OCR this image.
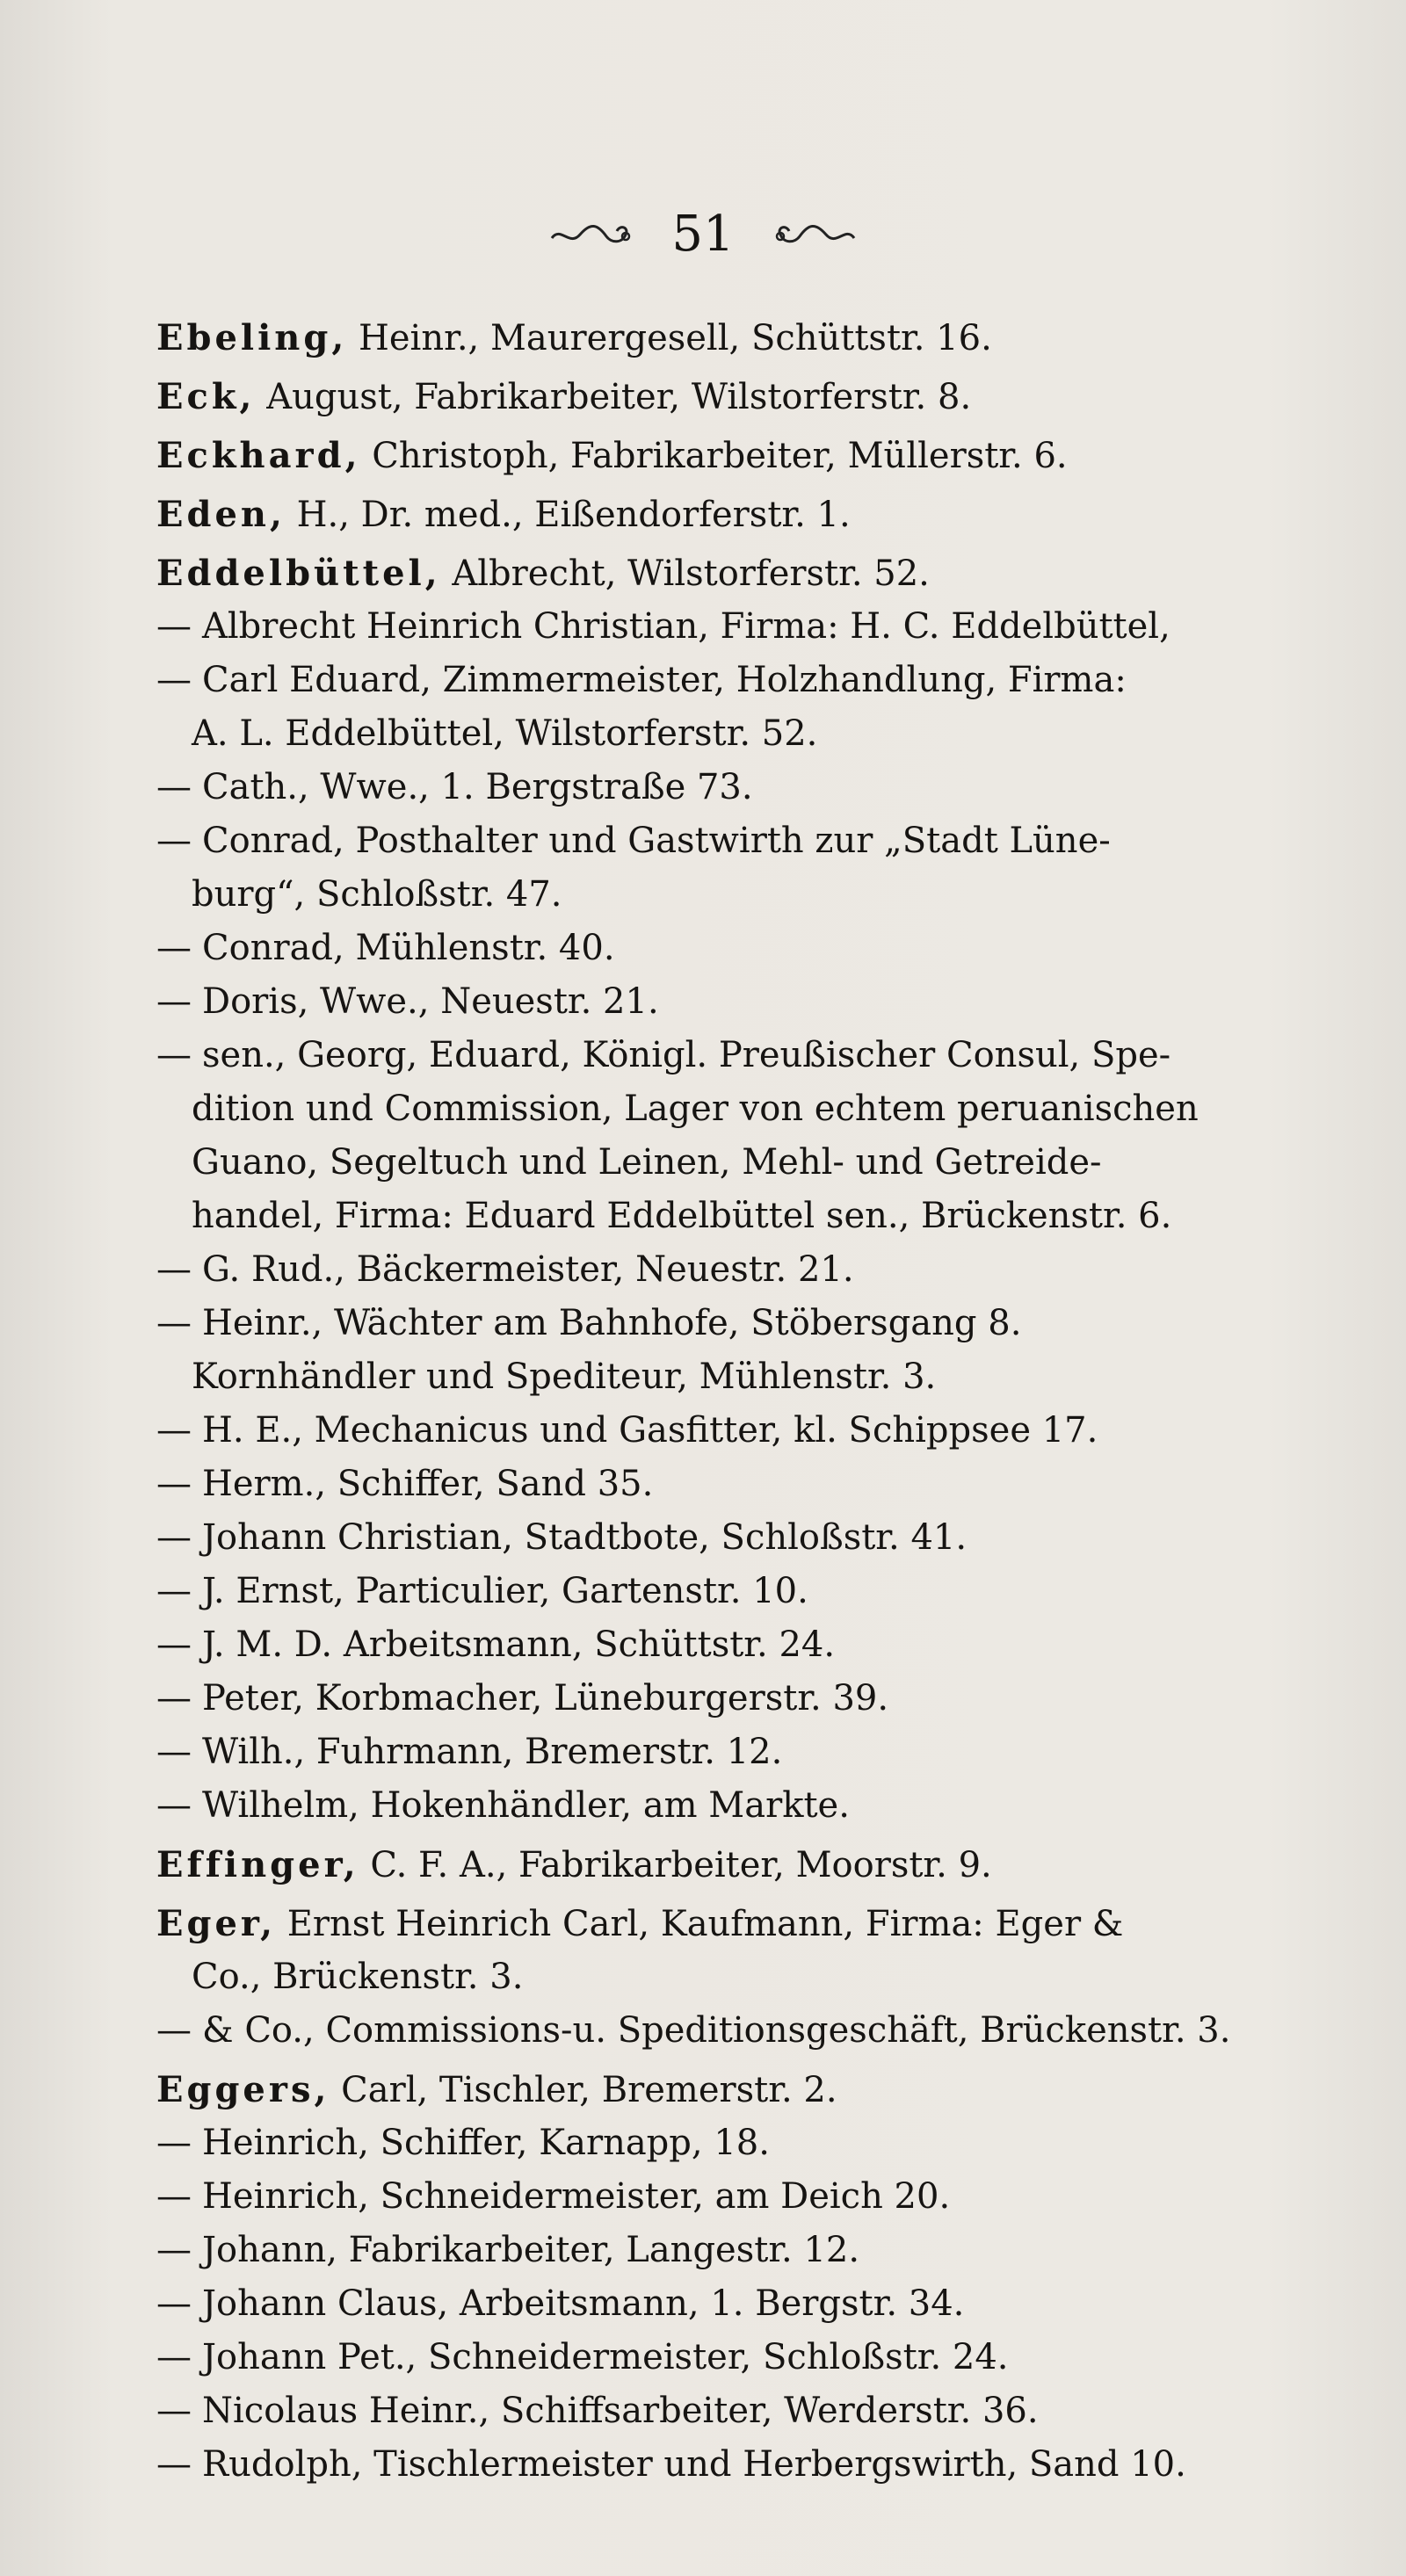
51
Ebeling, Heinr., Maurergesell, Schüttstr. 16.
Eck, August, Fabrikarbeiter, Wilstorferstr. 8.
Eckhard, Christoph, Fabrikarbeiter, Müllerstr. 6.
Eden, H., Dr. med., Eißendorferstr. 1.
Eddelbüttel, Albrecht, Wilstorferstr. 52.
— Albrecht Heinrich Christian, Firma: H. C. Eddelbüttel,
— Carl Eduard, Zimmermeister, Holzhandlung, Firma:
A. L. Eddelbüttel, Wilstorferstr. 52.
— Cath., Wwe., 1. Bergstraße 73.
— Conrad, Posthalter und Gastwirth zur „Stadt Lüne-
burg“, Schloßstr. 47.
— Conrad, Mühlenstr. 40.
— Doris, Wwe., Neuestr. 21.
— sen., Georg, Eduard, Königl. Preußischer Consul, Spe-
dition und Commission, Lager von echtem peruanischen
Guano, Segeltuch und Leinen, Mehl- und Getreide-
handel, Firma: Eduard Eddelbüttel sen., Brückenstr. 6.
— G. Rud., Bäckermeister, Neuestr. 21.
— Heinr., Wächter am Bahnhofe, Stöbersgang 8.
Kornhändler und Spediteur, Mühlenstr. 3.
— H. E., Mechanicus und Gasfitter, kl. Schippsee 17.
— Herm., Schiffer, Sand 35.
— Johann Christian, Stadtbote, Schloßstr. 41.
— J. Ernst, Particulier, Gartenstr. 10.
— J. M. D. Arbeitsmann, Schüttstr. 24.
— Peter, Korbmacher, Lüneburgerstr. 39.
— Wilh., Fuhrmann, Bremerstr. 12.
— Wilhelm, Hokenhändler, am Markte.
Effinger, C. F. A., Fabrikarbeiter, Moorstr. 9.
Eger, Ernst Heinrich Carl, Kaufmann, Firma: Eger &
Co., Brückenstr. 3.
— & Co., Commissions-u. Speditionsgeschäft, Brückenstr. 3.
Eggers, Carl, Tischler, Bremerstr. 2.
— Heinrich, Schiffer, Karnapp, 18.
— Heinrich, Schneidermeister, am Deich 20.
— Johann, Fabrikarbeiter, Langestr. 12.
— Johann Claus, Arbeitsmann, 1. Bergstr. 34.
— Johann Pet., Schneidermeister, Schloßstr. 24.
— Nicolaus Heinr., Schiffsarbeiter, Werderstr. 36.
— Rudolph, Tischlermeister und Herbergswirth, Sand 10.
